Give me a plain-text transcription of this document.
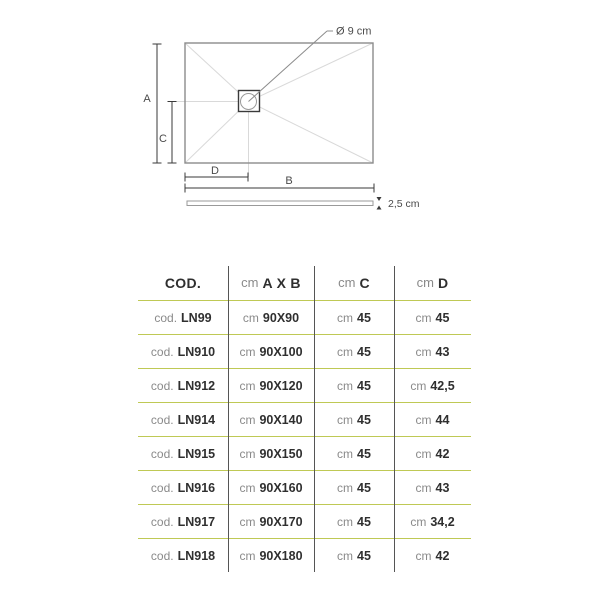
Ø 9 cm
A
C
D
B
2,5 cm
COD.	cm A X B	cm C	cm D
cod. LN99	cm 90X90	cm 45	cm 45
cod. LN910 cm 90X100	cm 45	cm 43
cod. LN912 cm 90X120	cm 45	cm 42,5
cod. LN914 cm 90X140	cm 45	cm 44
cod. LN915 cm 90X150	cm 45	cm 42
cod. LN916 cm 90X160	cm 45	cm 43
cod. LN917 cm 90X170	cm 45	cm 34,2
cod. LN918 cm 90X180	cm 45	cm 42
